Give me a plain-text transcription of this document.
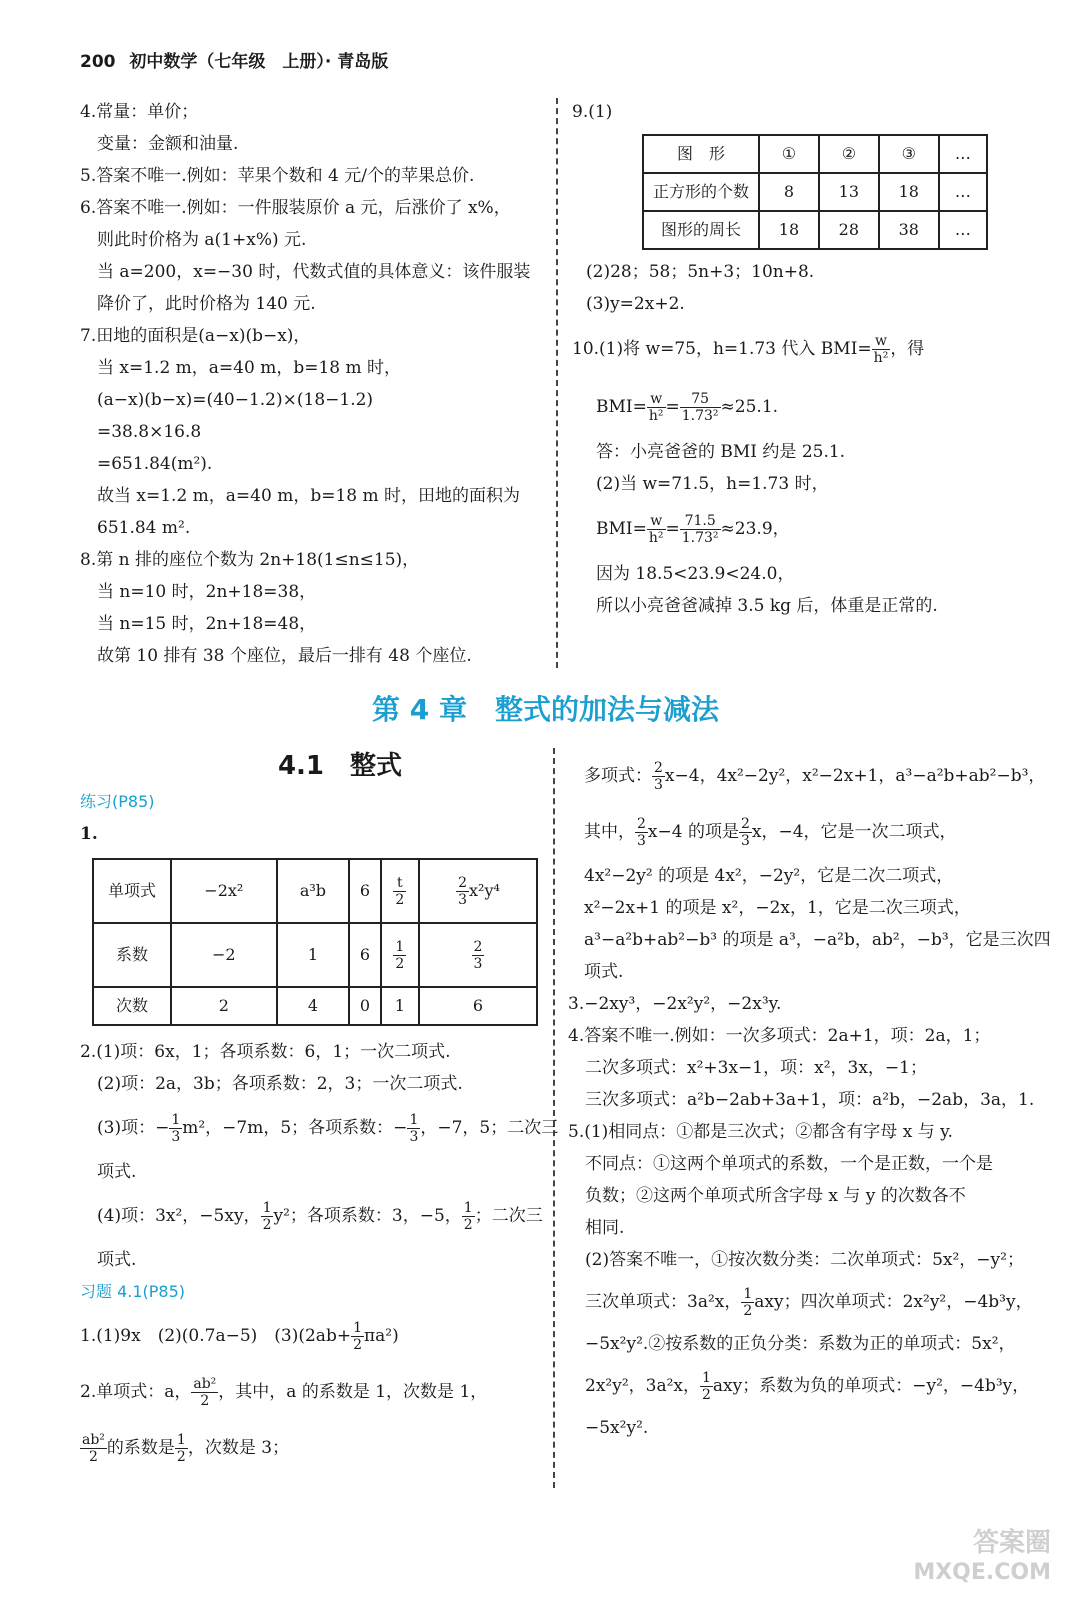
200 初中数学（七年级　上册）· 青岛版

4.常量：单价；

　变量：金额和油量.

5.答案不唯一.例如：苹果个数和 4 元/个的苹果总价.

6.答案不唯一.例如：一件服装原价 a 元，后涨价了 x%，

　则此时价格为 a(1+x%) 元.

　当 a=200，x=−30 时，代数式值的具体意义：该件服装

　降价了，此时价格为 140 元.

7.田地的面积是(a−x)(b−x)，

　当 x=1.2 m，a=40 m，b=18 m 时，

　(a−x)(b−x)=(40−1.2)×(18−1.2)

　=38.8×16.8

　=651.84(m²).

　故当 x=1.2 m，a=40 m，b=18 m 时，田地的面积为

　651.84 m².

8.第 n 排的座位个数为 2n+18(1≤n≤15)，

　当 n=10 时，2n+18=38，

　当 n=15 时，2n+18=48，

　故第 10 排有 38 个座位，最后一排有 48 个座位.

9.(1)

图　形	①	②	③	…
正方形的个数	8	13	18	…
图形的周长	18	28	38	…

(2)28；58；5n+3；10n+8.

(3)y=2x+2.

10.(1)将 w=75，h=1.73 代入 $BMI= \frac{w}{\text{h²}}$ ，得

$BMI= \frac{w}{\text{h²}} = \frac{75}{\text{1.73²}} \approx 25.1$.

答：小亮爸爸的 BMI 约是 25.1.

(2)当 w=71.5，h=1.73 时，

$BMI= \frac{w}{\text{h²}} = \frac{71.5}{\text{1.73²}} \approx 23.9$，

因为 18.5<23.9<24.0，

所以小亮爸爸减掉 3.5 kg 后，体重是正常的.

第 4 章　整式的加法与减法
4.1　整式

练习(P85)

1.

单项式	−2x²	a³b	6	$\frac{t}{2}$	$\frac{2}{3} x^2y^4$
系数	−2	1	6	$\frac{1}{2}$	$\frac{2}{3}$

次数	2	4	0	1	6

2.(1)项：6x，1；各项系数：6，1；一次二项式.

　(2)项：2a，3b；各项系数：2，3；一次二项式.

　(3)项：− $\frac{1}{3} m^2$，−7m，5；各项系数：− $\frac{1}{3}$ ，−7，5；二次三

　项式.

　(4)项：3x²，−5xy， $\frac{1}{2} y^2$；各项系数：3，−5， $\frac{1}{2}$ ；二次三

　项式.

习题 4.1(P85)

1.(1)9x　(2)(0.7a−5)　$(3)(2ab+ \frac{1}{2} \pi a^2)$

2.单项式：a， $\frac{\text{ab²}}{2}$ ，其中，a 的系数是 1，次数是 1，

$\frac{\text{ab²}}{2}$ 的系数是 $\frac{1}{2}$ ，次数是 3；

多项式： $\frac{2}{3} x-4$，4x²−2y²，x²−2x+1，a³−a²b+ab²−b³，

其中， $\frac{2}{3} x-4$ 的项是 $\frac{2}{3}$ x，−4，它是一次二项式，

4x²−2y² 的项是 4x²，−2y²，它是二次二项式，

x²−2x+1 的项是 x²，−2x，1，它是二次三项式，

a³−a²b+ab²−b³ 的项是 a³，−a²b，ab²，−b³，它是三次四

项式.

3.−2xy³，−2x²y²，−2x³y.

4.答案不唯一.例如：一次多项式：2a+1，项：2a，1；

　二次多项式：x²+3x−1，项：x²，3x，−1；

　三次多项式：a²b−2ab+3a+1，项：a²b，−2ab，3a，1.

5.(1)相同点：①都是三次式；②都含有字母 x 与 y.

　不同点：①这两个单项式的系数，一个是正数，一个是

　负数；②这两个单项式所含字母 x 与 y 的次数各不

　相同.

　(2)答案不唯一，①按次数分类：二次单项式：5x²，−y²；

　三次单项式：3a²x， $\frac{1}{2}$ axy；四次单项式：2x²y²，−4b³y，

　−5x²y².②按系数的正负分类：系数为正的单项式：5x²，

　2x²y²，3a²x， $\frac{1}{2}$ axy；系数为负的单项式：−y²，−4b³y，

　−5x²y².

答案圈
MXQE.COM
